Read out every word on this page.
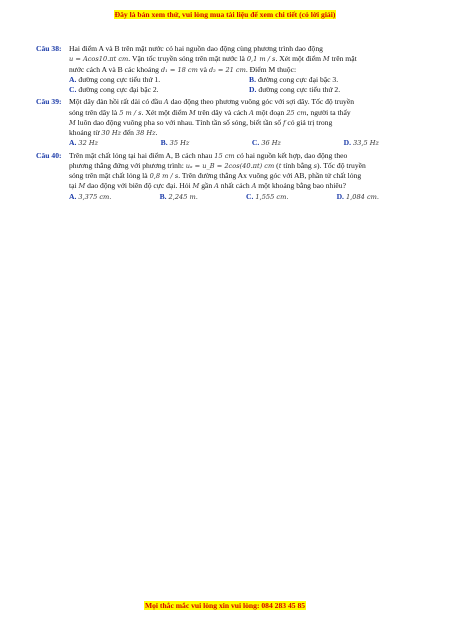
Đây là bản xem thử, vui lòng mua tài liệu để xem chi tiết (có lời giải)
Câu 38: Hai điểm A và B trên mặt nước có hai nguồn dao động cùng phương trình dao động
u = Acos10.πt cm. Vận tốc truyền sóng trên mặt nước là 0,1 m / s. Xét một điểm M trên mặt
nước cách A và B các khoảng d₁ = 18 cm và d₂ = 21 cm. Điểm M thuộc:

A. đường cong cực tiểu thứ 1.	B. đường cong cực đại bậc 3.
C. đường cong cực đại bậc 2.	D. đường cong cực tiểu thứ 2.
Câu 39: Một dây đàn hồi rất dài có đầu A dao động theo phương vuông góc với sợi dây. Tốc độ truyền
sóng trên dây là 5 m / s. Xét một điểm M trên dây và cách A một đoạn 25 cm, người ta thấy
M luôn dao động vuông pha so với nhau. Tính tần số sóng, biết tần số f có giá trị trong
khoảng từ 30 Hz đến 38 Hz.

A. 32 Hz	B. 35 Hz	C. 36 Hz	D. 33,5 Hz
Câu 40: Trên mặt chất lỏng tại hai điểm A, B cách nhau 15 cm có hai nguồn kết hợp, dao động theo
phương thẳng đứng với phương trình: uₐ = u_B = 2cos(40.πt) cm (t tính bằng s). Tốc độ truyền
sóng trên mặt chất lỏng là 0,8 m / s. Trên đường thẳng Ax vuông góc với AB, phần tử chất lỏng
tại M dao động với biên độ cực đại. Hỏi M gần A nhất cách A một khoảng bằng bao nhiêu?

A. 3,375 cm.	B. 2,245 m.	C. 1,555 cm.	D. 1,084 cm.
Mọi thắc mắc vui lòng xin vui lòng: 084 283 45 85
